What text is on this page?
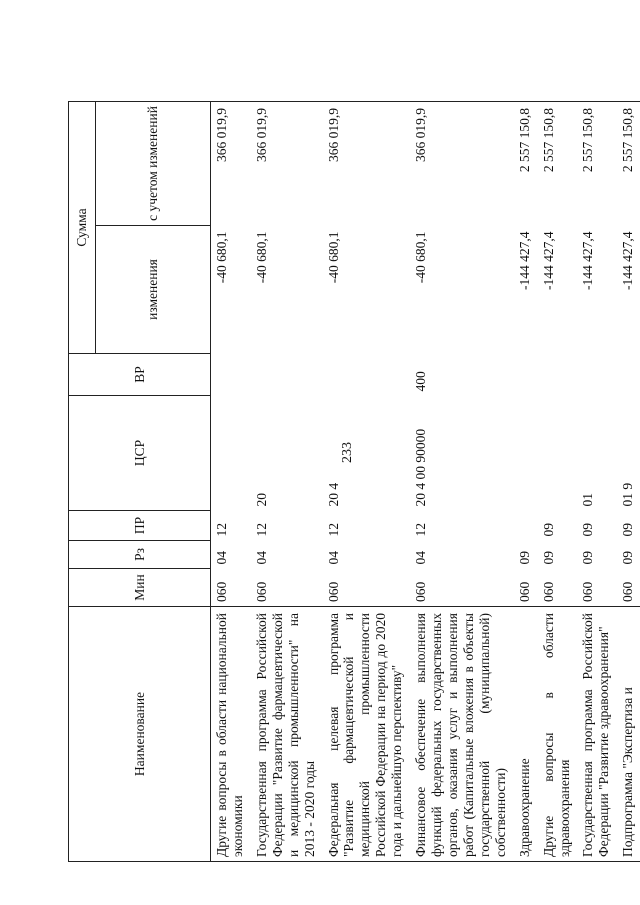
233
Наименование	Мин	Рз	ПР	ЦСР	ВР	Сумма	
						изменения	с учетом изменений
Другие вопросы в области национальной экономики	060	04	12			-40 680,1	366 019,9
Государственная программа Российской Федерации "Развитие фармацевтической и медицинской промышленности" на 2013 - 2020 годы	060	04	12	20		-40 680,1	366 019,9
Федеральная целевая программа "Развитие фармацевтической и медицинской промышленности Российской Федерации на период до 2020 года и дальнейшую перспективу"	060	04	12	20 4		-40 680,1	366 019,9
Финансовое обеспечение выполнения функций федеральных государственных органов, оказания услуг и выполнения работ (Капитальные вложения в объекты государственной (муниципальной) собственности)	060	04	12	20 4 00 90000	400	-40 680,1	366 019,9
Здравоохранение	060	09				-144 427,4	2 557 150,8
Другие вопросы в области здравоохранения	060	09	09			-144 427,4	2 557 150,8
Государственная программа Российской Федерации "Развитие здравоохранения"	060	09	09	01		-144 427,4	2 557 150,8
Подпрограмма "Экспертиза и	060	09	09	01 9		-144 427,4	2 557 150,8
